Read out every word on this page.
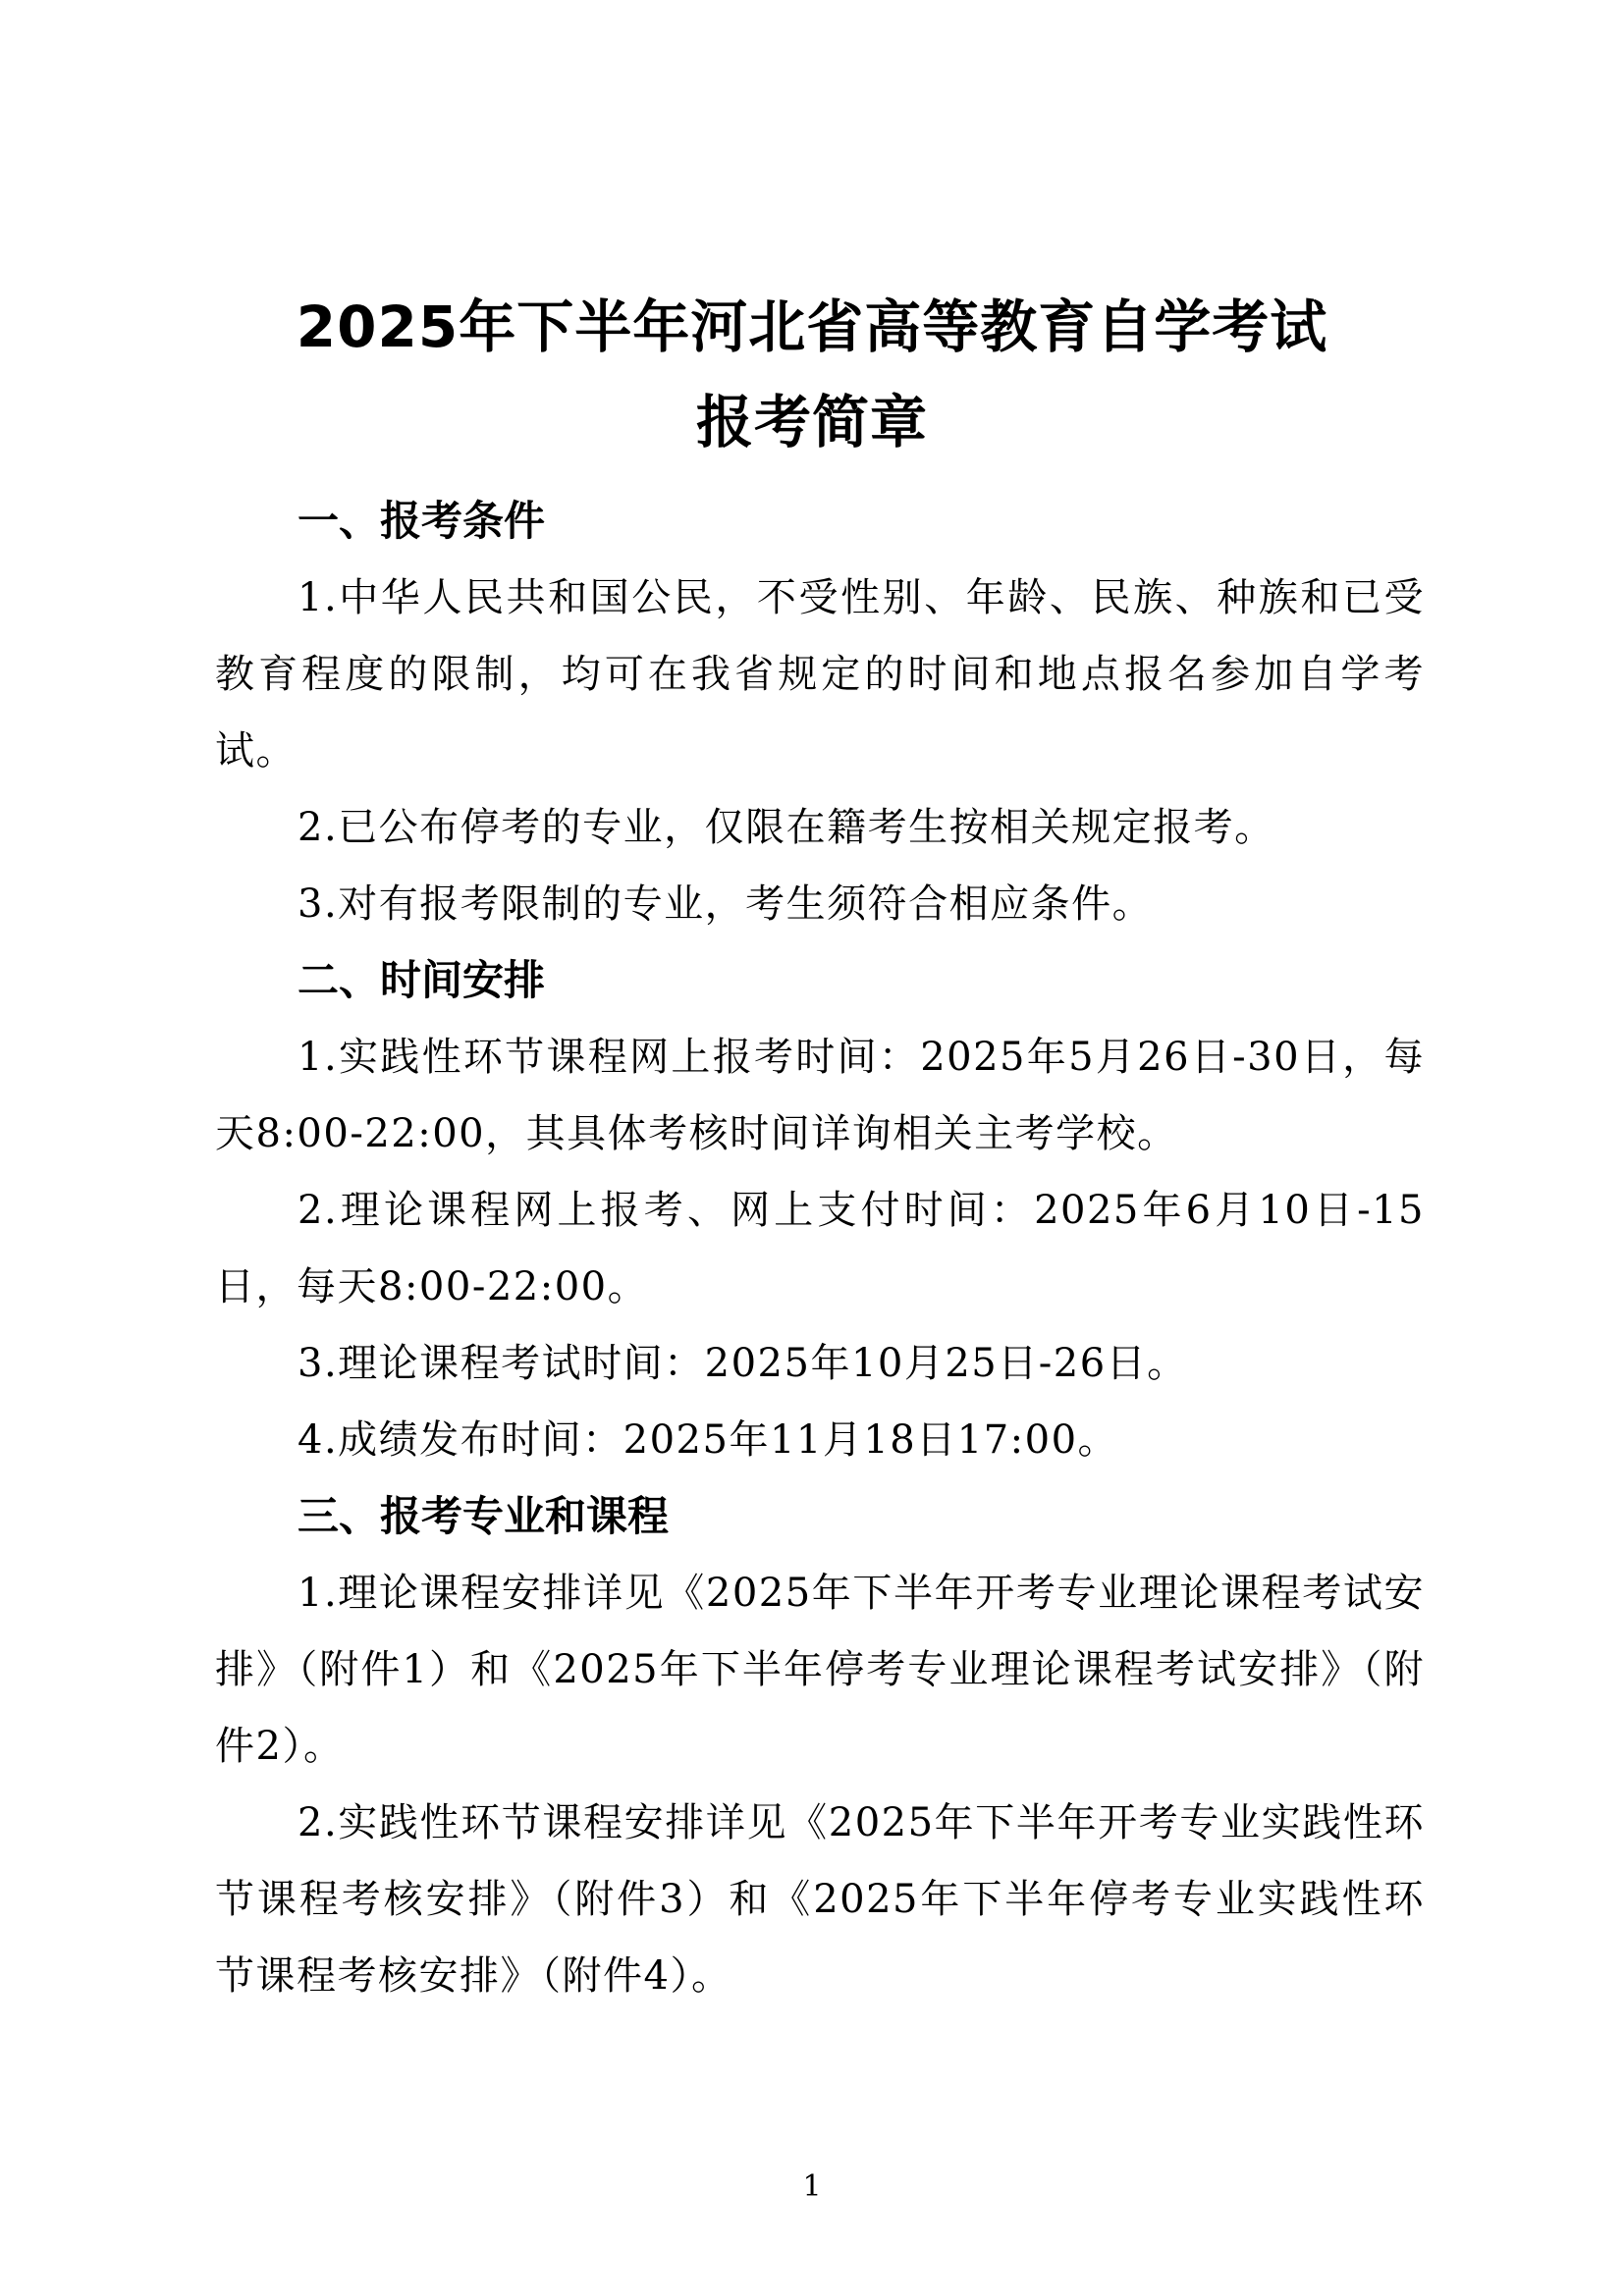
2025年下半年河北省高等教育自学考试
报考简章
一、报考条件

1.中华人民共和国公民，不受性别、年龄、民族、种族和已受教育程度的限制，均可在我省规定的时间和地点报名参加自学考试。

2.已公布停考的专业，仅限在籍考生按相关规定报考。

3.对有报考限制的专业，考生须符合相应条件。

二、时间安排

1.实践性环节课程网上报考时间：2025年5月26日-30日，每天8:00-22:00，其具体考核时间详询相关主考学校。

2.理论课程网上报考、网上支付时间：2025年6月10日-15日，每天8:00-22:00。

3.理论课程考试时间：2025年10月25日-26日。

4.成绩发布时间：2025年11月18日17:00。

三、报考专业和课程

1.理论课程安排详见《2025年下半年开考专业理论课程考试安排》（附件1）和《2025年下半年停考专业理论课程考试安排》（附件2）。

2.实践性环节课程安排详见《2025年下半年开考专业实践性环节课程考核安排》（附件3）和《2025年下半年停考专业实践性环节课程考核安排》（附件4）。

1
